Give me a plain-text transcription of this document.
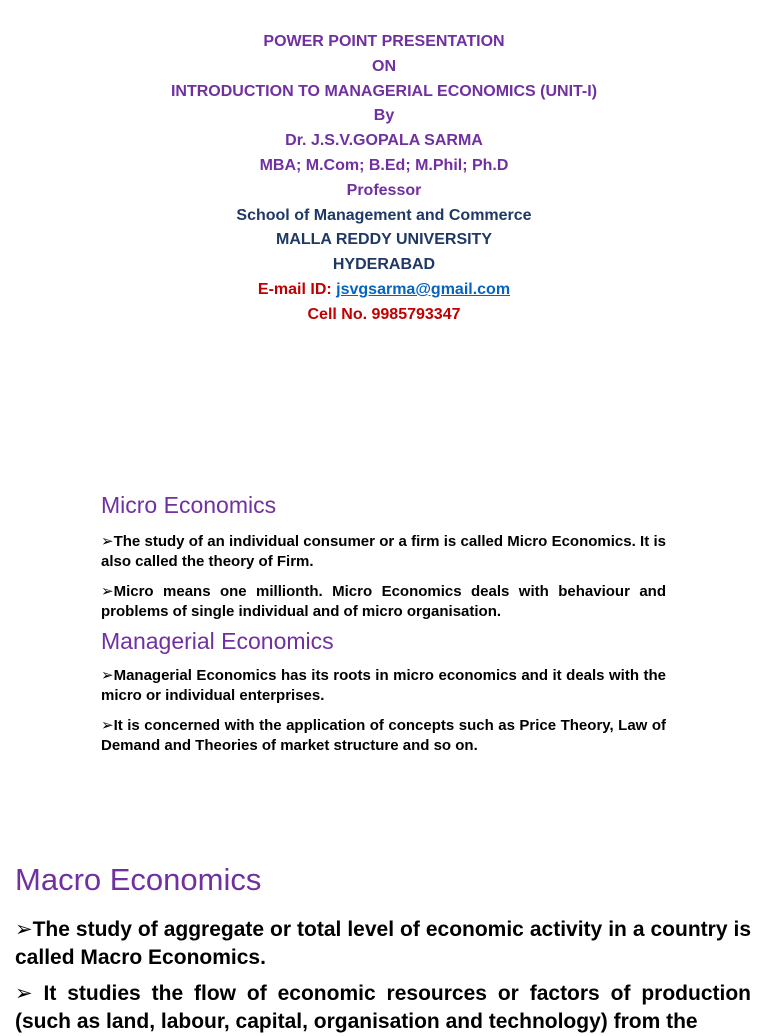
POWER POINT PRESENTATION
ON
INTRODUCTION TO MANAGERIAL ECONOMICS (UNIT-I)
By
Dr. J.S.V.GOPALA SARMA
MBA; M.Com; B.Ed; M.Phil; Ph.D
Professor
School of Management and Commerce
MALLA REDDY UNIVERSITY
HYDERABAD
E-mail ID: jsvgsarma@gmail.com
Cell No. 9985793347
Micro Economics
➢The study of an individual consumer or a firm is called Micro Economics. It is also called the theory of Firm.
➢Micro means one millionth. Micro Economics deals with behaviour and problems of single individual and of micro organisation.
Managerial Economics
➢Managerial Economics has its roots in micro economics and it deals with the micro or individual enterprises.
➢It is concerned with the application of concepts such as Price Theory, Law of Demand and Theories of market structure and so on.
Macro Economics
➢The study of aggregate or total level of economic activity in a country is called Macro Economics.
➢ It studies the flow of economic resources or factors of production (such as land, labour, capital, organisation and technology) from the
